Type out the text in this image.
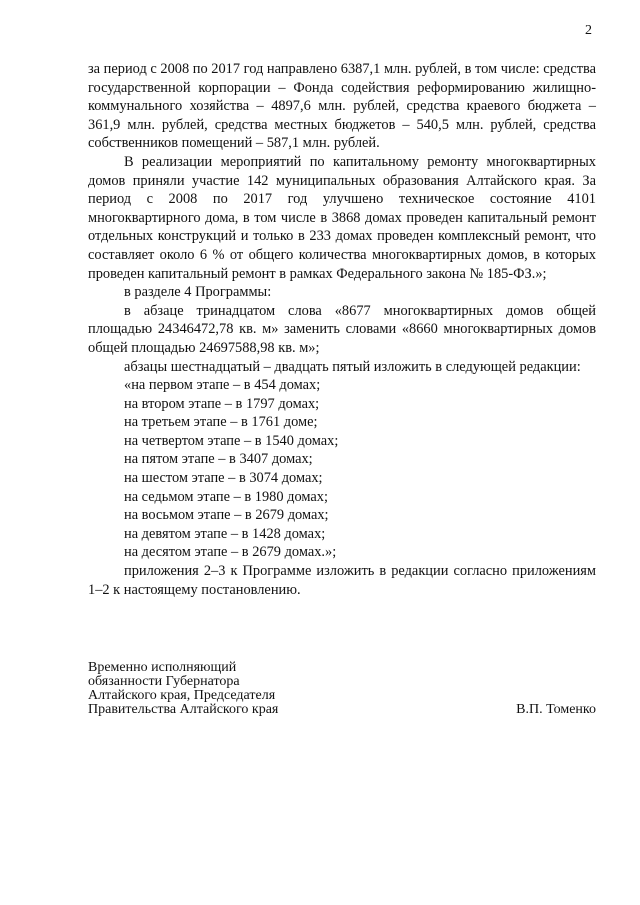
2

за период с 2008 по 2017 год направлено 6387,1 млн. рублей, в том числе: средства государственной корпорации – Фонда содействия реформированию жилищно-коммунального хозяйства – 4897,6 млн. рублей, средства краевого бюджета – 361,9 млн. рублей, средства местных бюджетов – 540,5 млн. рублей, средства собственников помещений – 587,1 млн. рублей.

В реализации мероприятий по капитальному ремонту многоквартирных домов приняли участие 142 муниципальных образования Алтайского края. За период с 2008 по 2017 год улучшено техническое состояние 4101 многоквартирного дома, в том числе в 3868 домах проведен капитальный ремонт отдельных конструкций и только в 233 домах проведен комплексный ремонт, что составляет около 6 % от общего количества многоквартирных домов, в которых проведен капитальный ремонт в рамках Федерального закона № 185-ФЗ.»;

в разделе 4 Программы:

в абзаце тринадцатом слова «8677 многоквартирных домов общей площадью 24346472,78 кв. м» заменить словами «8660 многоквартирных домов общей площадью 24697588,98 кв. м»;

абзацы шестнадцатый – двадцать пятый изложить в следующей редакции:

«на первом этапе – в 454 домах;

на втором этапе – в 1797 домах;

на третьем этапе – в 1761 доме;

на четвертом этапе – в 1540 домах;

на пятом этапе – в 3407 домах;

на шестом этапе – в 3074 домах;

на седьмом этапе – в 1980 домах;

на восьмом этапе – в 2679 домах;

на девятом этапе – в 1428 домах;

на десятом этапе – в 2679 домах.»;

приложения 2–3 к Программе изложить в редакции согласно приложениям 1–2 к настоящему постановлению.

Временно исполняющий
обязанности Губернатора
Алтайского края, Председателя
Правительства Алтайского края	В.П. Томенко
